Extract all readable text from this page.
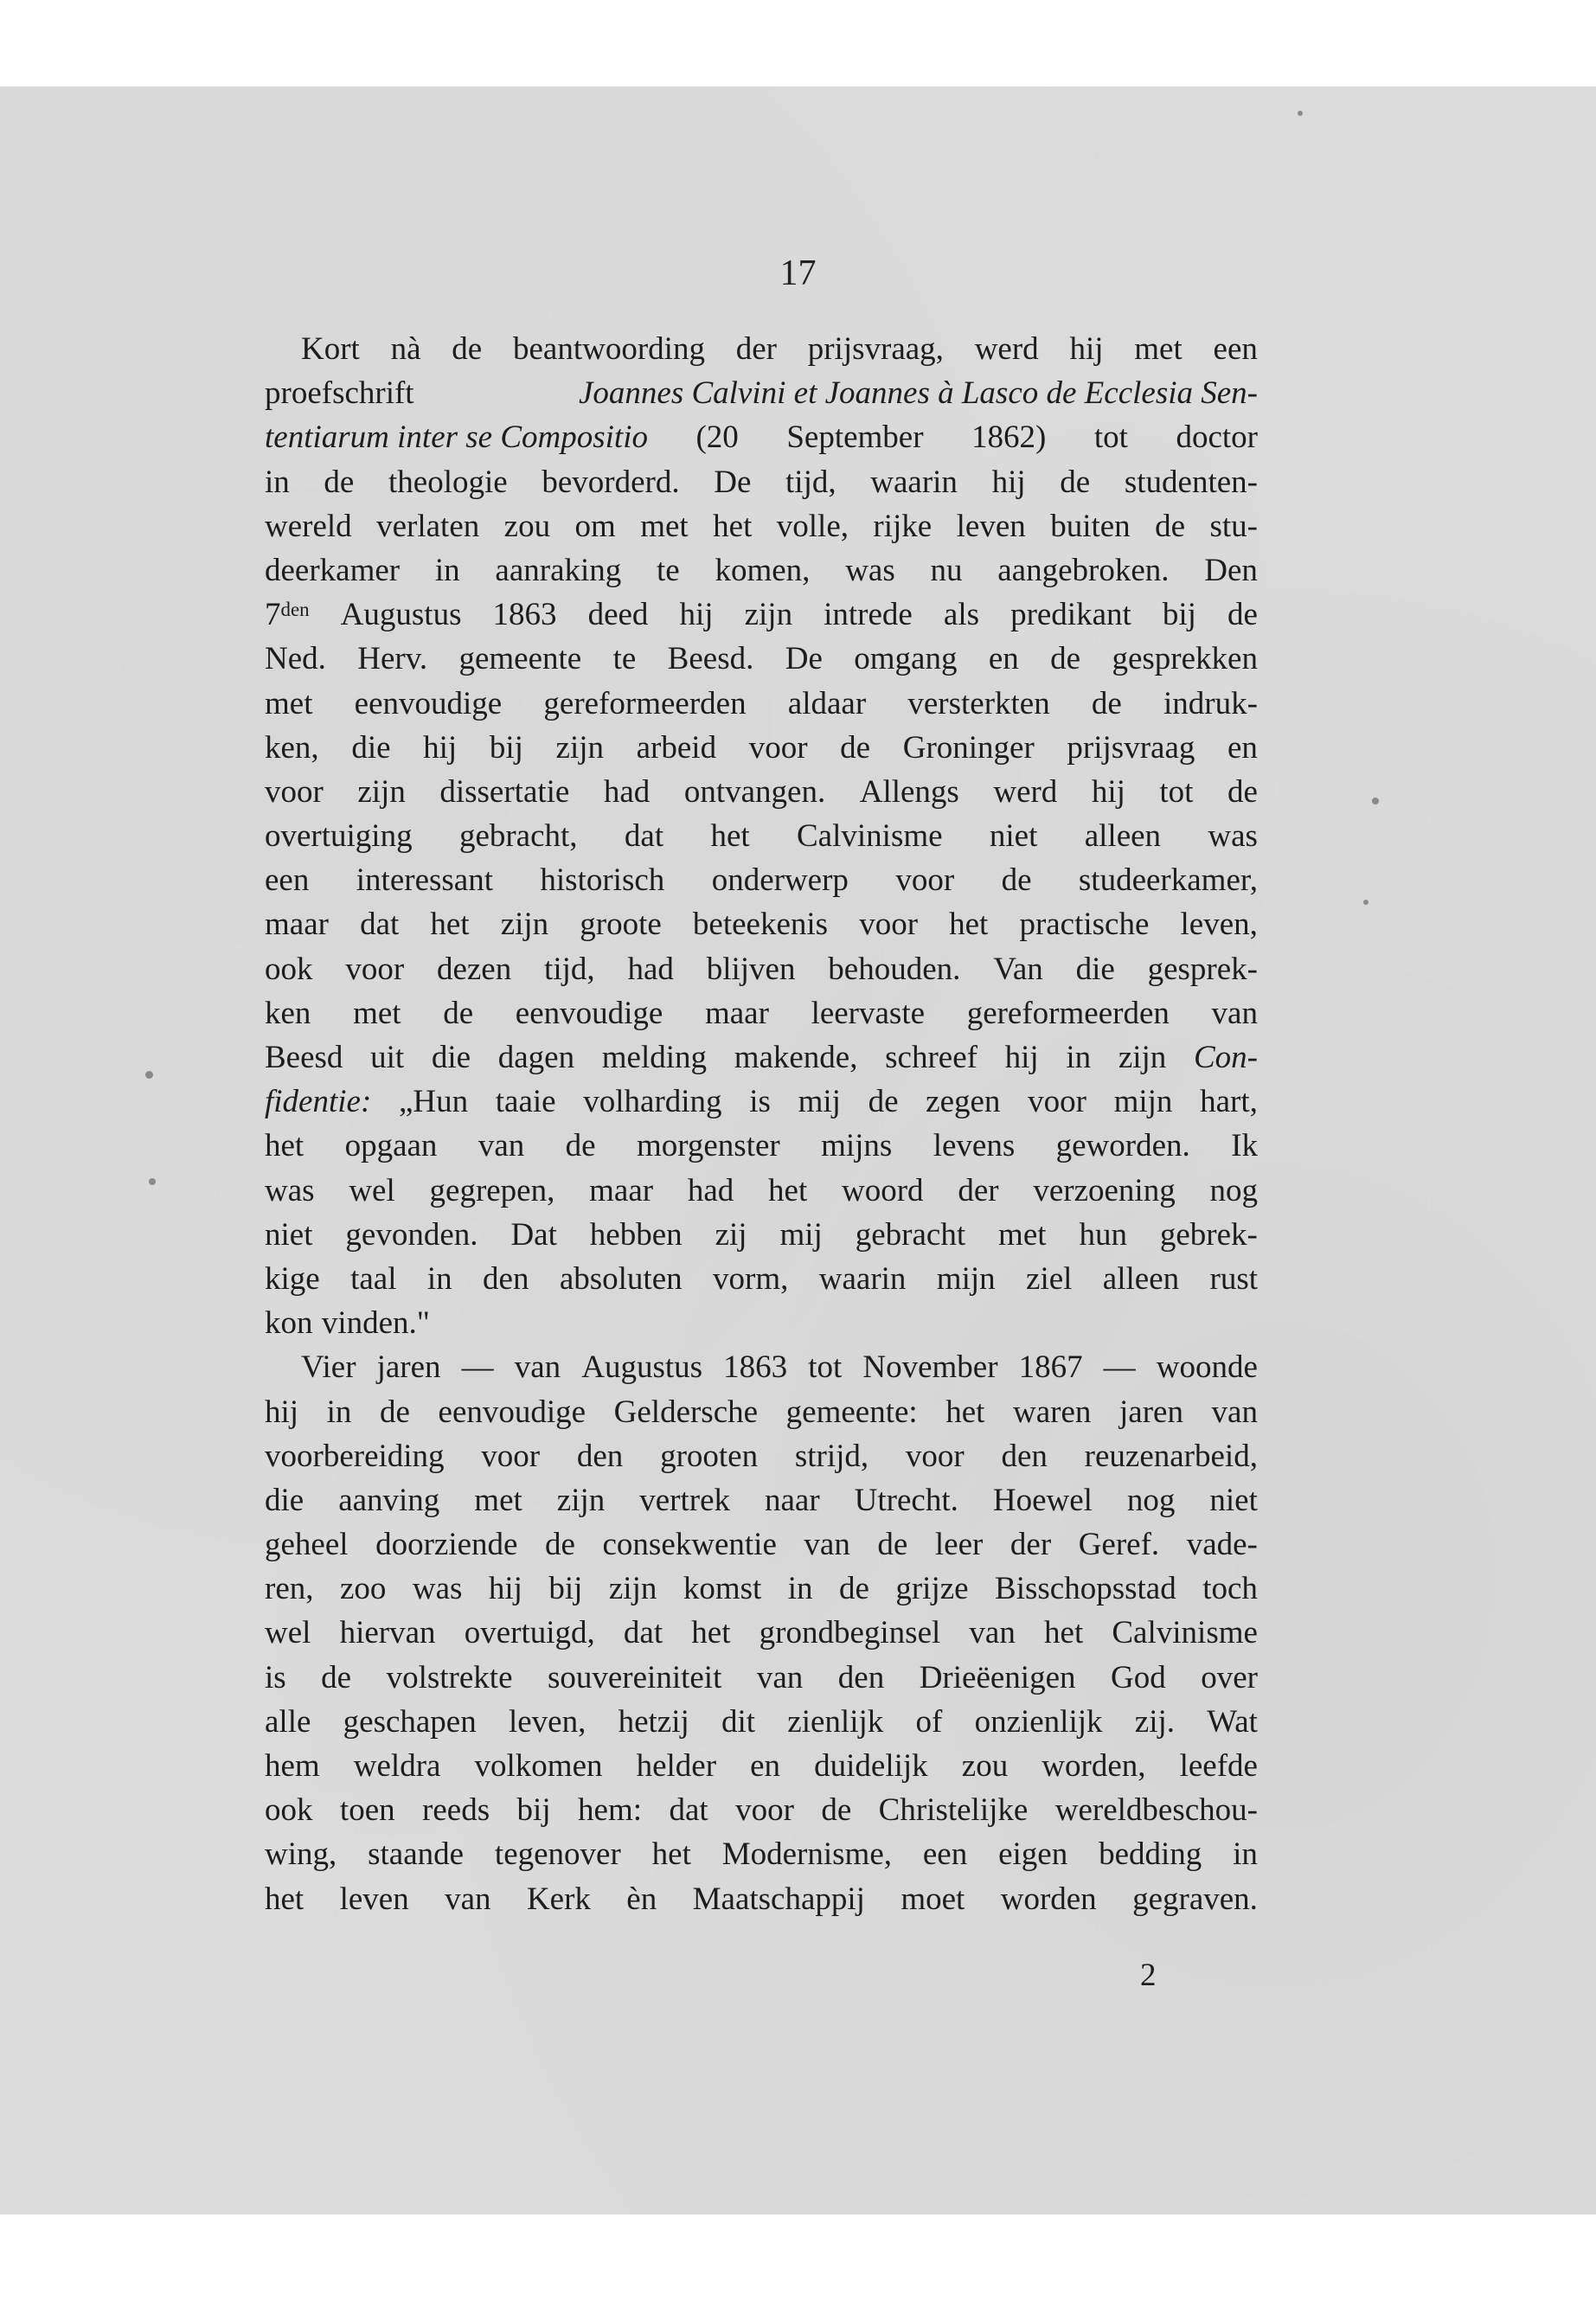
17
Kort nà de beantwoording der prijsvraag, werd hij met een
proefschrift	Joannes Calvini et Joannes à Lasco de Ecclesia Sen-
tentiarum inter se Compositio (20 September 1862) tot doctor
in de theologie bevorderd. De tijd, waarin hij de studenten-
wereld verlaten zou om met het volle, rijke leven buiten de stu-
deerkamer in aanraking te komen, was nu aangebroken. Den
$7^{den}$ Augustus 1863 deed hij zijn intrede als predikant bij de
Ned. Herv. gemeente te Beesd. De omgang en de gesprekken
met eenvoudige gereformeerden aldaar versterkten de indruk-
ken, die hij bij zijn arbeid voor de Groninger prijsvraag en
voor zijn dissertatie had ontvangen. Allengs werd hij tot de
overtuiging gebracht, dat het Calvinisme niet alleen was
een interessant historisch onderwerp voor de studeerkamer,
maar dat het zijn groote beteekenis voor het practische leven,
ook voor dezen tijd, had blijven behouden. Van die gesprek-
ken met de eenvoudige maar leervaste gereformeerden van
Beesd uit die dagen melding makende, schreef hij in zijn Con-
fidentie: „Hun taaie volharding is mij de zegen voor mijn hart,
het opgaan van de morgenster mijns levens geworden. Ik
was wel gegrepen, maar had het woord der verzoening nog
niet gevonden. Dat hebben zij mij gebracht met hun gebrek-
kige taal in den absoluten vorm, waarin mijn ziel alleen rust
kon vinden."
Vier jaren — van Augustus 1863 tot November 1867 — woonde
hij in de eenvoudige Geldersche gemeente: het waren jaren van
voorbereiding voor den grooten strijd, voor den reuzenarbeid,
die aanving met zijn vertrek naar Utrecht. Hoewel nog niet
geheel doorziende de consekwentie van de leer der Geref. vade-
ren, zoo was hij bij zijn komst in de grijze Bisschopsstad toch
wel hiervan overtuigd, dat het grondbeginsel van het Calvinisme
is de volstrekte souvereiniteit van den Drieëenigen God over
alle geschapen leven, hetzij dit zienlijk of onzienlijk zij. Wat
hem weldra volkomen helder en duidelijk zou worden, leefde
ook toen reeds bij hem: dat voor de Christelijke wereldbeschou-
wing, staande tegenover het Modernisme, een eigen bedding in
het leven van Kerk èn Maatschappij moet worden gegraven.
2
